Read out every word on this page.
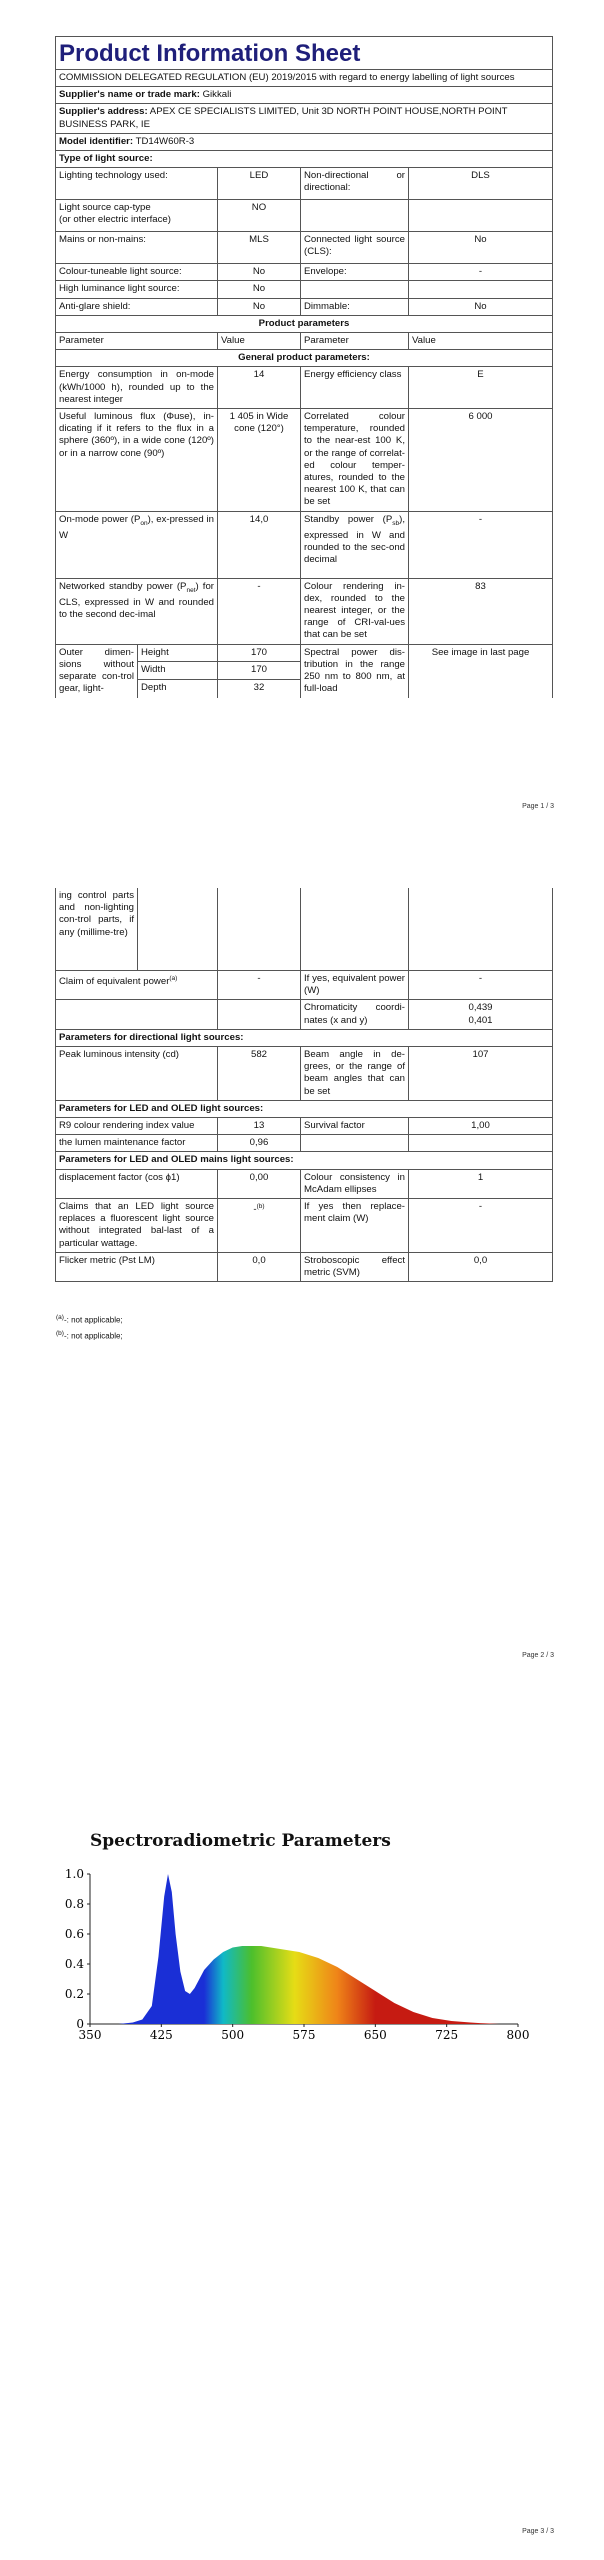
Product Information Sheet				
COMMISSION DELEGATED REGULATION (EU) 2019/2015 with regard to energy labelling of light sources				
Supplier's name or trade mark: Gikkali				
Supplier's address: APEX CE SPECIALISTS LIMITED, Unit 3D NORTH POINT HOUSE,NORTH POINT BUSINESS PARK, IE				
Model identifier: TD14W60R-3				
Type of light source:				
Lighting technology used:		LED	Non-directional or directional:	DLS
Light source cap-type
(or other electric interface)		NO		
Mains or non-mains:		MLS	Connected light source (CLS):	No
Colour-tuneable light source:		No	Envelope:	-
High luminance light source:		No		
Anti-glare shield:		No	Dimmable:	No
Product parameters				
Parameter		Value	Parameter	Value
General product parameters:				
Energy consumption in on-mode (kWh/1000 h), rounded up to the nearest integer		14	Energy efficiency class	E
Useful luminous flux (Φuse), in-dicating if it refers to the flux in a sphere (360º), in a wide cone (120º) or in a narrow cone (90º)		1 405 in Wide cone (120°)	Correlated colour temperature, rounded to the near-est 100 K, or the range of correlat-ed colour temper-atures, rounded to the nearest 100 K, that can be set	6 000
On-mode power $(P_{on})$, ex-pressed in W		14,0	Standby power $(P_{sb})$, expressed in W and rounded to the sec-ond decimal	-
Networked standby power $(P_{net})$ for CLS, expressed in W and rounded to the second dec-imal		-	Colour rendering in-dex, rounded to the nearest integer, or the range of CRI-val-ues that can be set	83
Outer dimen-sions without separate con-trol gear, light-	Height	170	Spectral power dis-tribution in the range 250 nm to 800 nm, at full-load	See image in last page
	Width	170		
	Depth	32		
Page 1 / 3
ing control parts and non-lighting con-trol parts, if any (millime-tre)				
Claim of equivalent power$^{(a)}$		-	If yes, equivalent power (W)	-
			Chromaticity coordi-nates (x and y)	0,439
0,401
Parameters for directional light sources:				
Peak luminous intensity (cd)		582	Beam angle in de-grees, or the range of beam angles that can be set	107
Parameters for LED and OLED light sources:				
R9 colour rendering index value		13	Survival factor	1,00
the lumen maintenance factor		0,96		
Parameters for LED and OLED mains light sources:				
displacement factor (cos ϕ1)		0,00	Colour consistency in McAdam ellipses	1
Claims that an LED light source replaces a fluorescent light source without integrated bal-last of a particular wattage.		-$^{(b)}$	If yes then replace-ment claim (W)	-
Flicker metric (Pst LM)		0,0	Stroboscopic effect metric (SVM)	0,0
$^{(a)}$-: not applicable;
$^{(b)}$-: not applicable;
Page 2 / 3
Page 3 / 3
Spectroradiometric Parameters
0
0.2
0.4
0.6
0.8
1.0
350	425	500	575	650	725	800
